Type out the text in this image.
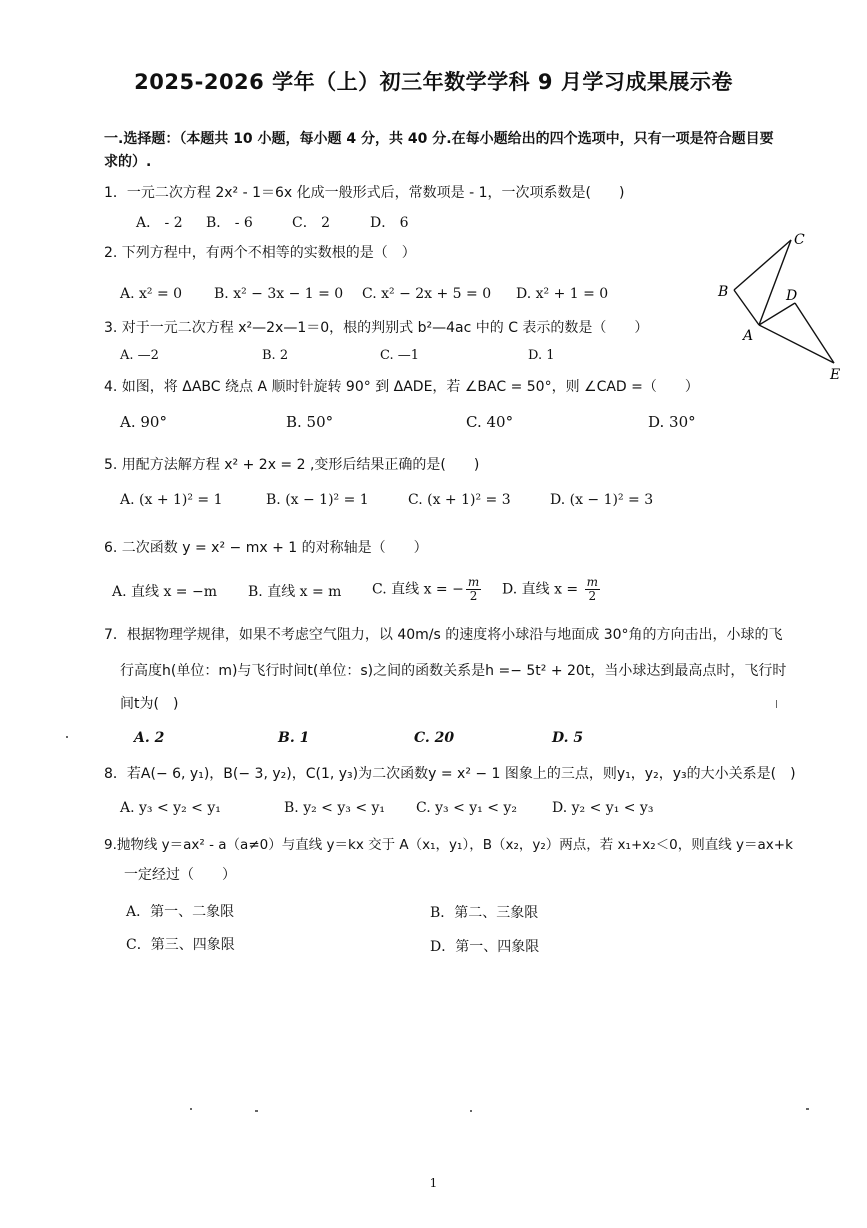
2025-2026 学年（上）初三年数学学科 9 月学习成果展示卷
一.选择题：（本题共 10 小题，每小题 4 分，共 40 分.在每小题给出的四个选项中，只有一项是符合题目要
求的）.
1．一元二次方程 2x² - 1＝6x 化成一般形式后，常数项是 - 1，一次项系数是(　　)
A． - 2 B． - 6	C． 2	D． 6
2. 下列方程中，有两个不相等的实数根的是（　）
A. x² = 0 B. x² − 3x − 1 = 0 C. x² − 2x + 5 = 0 D. x² + 1 = 0
C
B	D
A
E
3. 对于一元二次方程 x²—2x—1＝0，根的判别式 b²—4ac 中的 C 表示的数是（　　）
A. —2	B. 2	C. —1	D. 1
4. 如图，将 ΔABC 绕点 A 顺时针旋转 90° 到 ΔADE，若 ∠BAC = 50°，则 ∠CAD =（　　）
A. 90°	B. 50°	C. 40°	D. 30°
5. 用配方法解方程 x² + 2x = 2 ,变形后结果正确的是(　　)
A. (x + 1)² = 1	B. (x − 1)² = 1	C. (x + 1)² = 3	D. (x − 1)² = 3
6. 二次函数 y = x² − mx + 1 的对称轴是（　　）
A. 直线 x = −m B. 直线 x = m C. 直线 x = − $\frac{m}{2} D$. 直线 $x = \frac{m}{2}$
7．根据物理学规律，如果不考虑空气阻力，以 40m/s 的速度将小球沿与地面成 30°角的方向击出，小球的飞
行高度h(单位：m)与飞行时间t(单位：s)之间的函数关系是h =− 5t² + 20t，当小球达到最高点时，飞行时
间t为(　)
A. 2	B. 1	C. 20	D. 5
8．若A(− 6, y₁)，B(− 3, y₂)，C(1, y₃)为二次函数y = x² − 1 图象上的三点，则y₁，y₂，y₃的大小关系是(　)
A. y₃ < y₂ < y₁	B. y₂ < y₃ < y₁ C. y₃ < y₁ < y₂	D. y₂ < y₁ < y₃
9.抛物线 y＝ax² - a（a≠0）与直线 y＝kx 交于 A（x₁，y₁），B（x₂，y₂）两点，若 x₁+x₂＜0，则直线 y＝ax+k
一定经过（　　）
A．第一、二象限	B．第二、三象限
C．第三、四象限	D．第一、四象限
1
